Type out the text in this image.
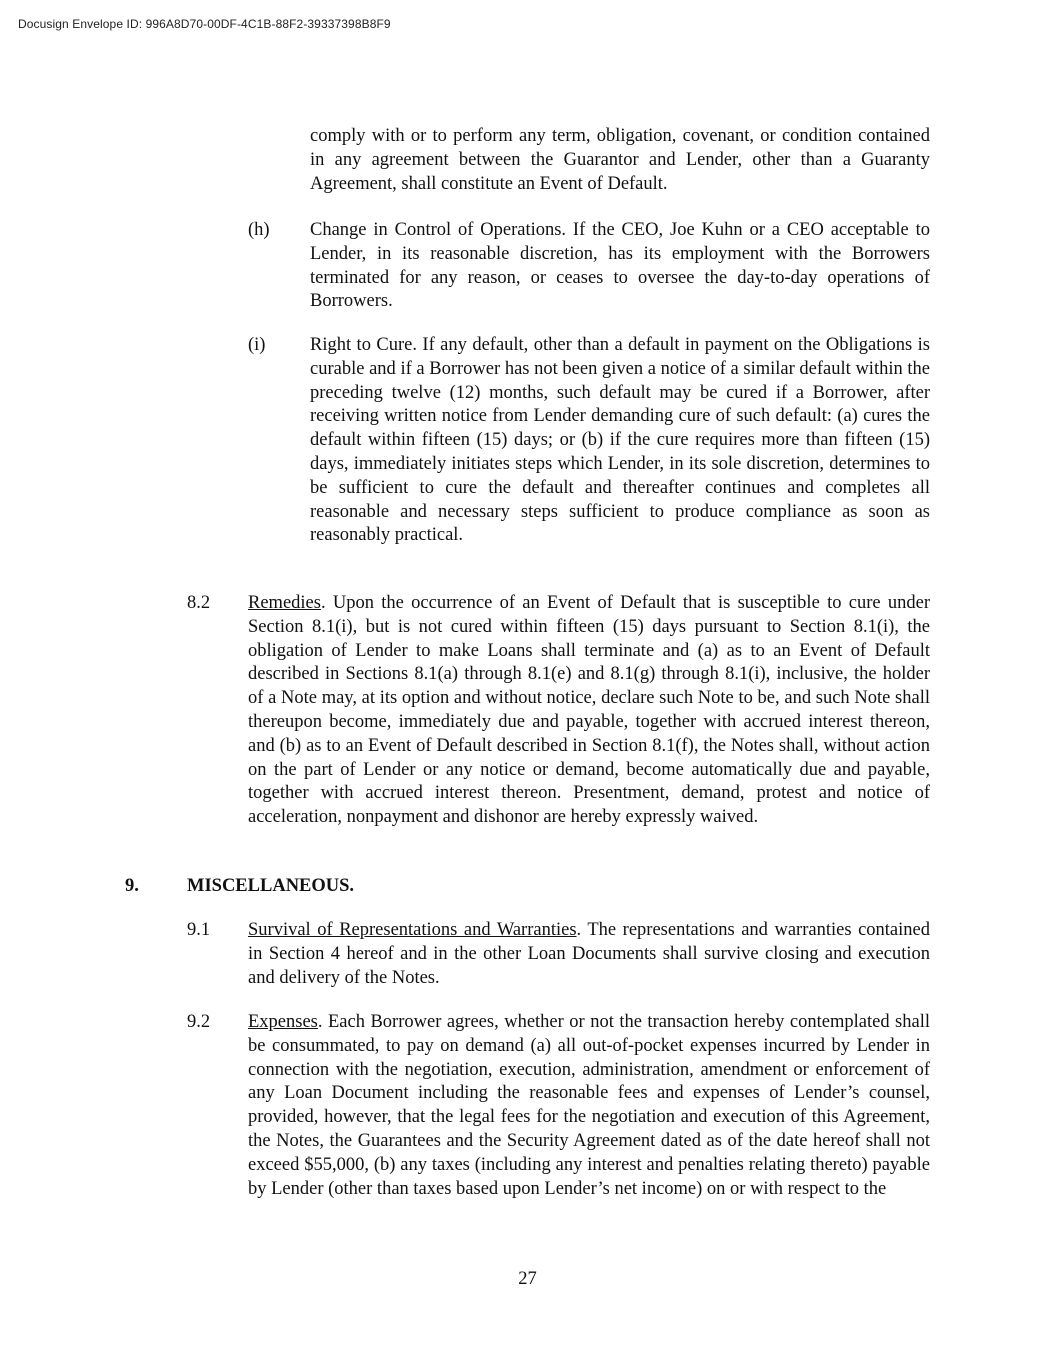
Docusign Envelope ID: 996A8D70-00DF-4C1B-88F2-39337398B8F9

comply with or to perform any term, obligation, covenant, or condition contained in any agreement between the Guarantor and Lender, other than a Guaranty Agreement, shall constitute an Event of Default.

(h) Change in Control of Operations. If the CEO, Joe Kuhn or a CEO acceptable to Lender, in its reasonable discretion, has its employment with the Borrowers terminated for any reason, or ceases to oversee the day-to-day operations of Borrowers.

(i) Right to Cure. If any default, other than a default in payment on the Obligations is curable and if a Borrower has not been given a notice of a similar default within the preceding twelve (12) months, such default may be cured if a Borrower, after receiving written notice from Lender demanding cure of such default: (a) cures the default within fifteen (15) days; or (b) if the cure requires more than fifteen (15) days, immediately initiates steps which Lender, in its sole discretion, determines to be sufficient to cure the default and thereafter continues and completes all reasonable and necessary steps sufficient to produce compliance as soon as reasonably practical.

8.2 Remedies. Upon the occurrence of an Event of Default that is susceptible to cure under Section 8.1(i), but is not cured within fifteen (15) days pursuant to Section 8.1(i), the obligation of Lender to make Loans shall terminate and (a) as to an Event of Default described in Sections 8.1(a) through 8.1(e) and 8.1(g) through 8.1(i), inclusive, the holder of a Note may, at its option and without notice, declare such Note to be, and such Note shall thereupon become, immediately due and payable, together with accrued interest thereon, and (b) as to an Event of Default described in Section 8.1(f), the Notes shall, without action on the part of Lender or any notice or demand, become automatically due and payable, together with accrued interest thereon. Presentment, demand, protest and notice of acceleration, nonpayment and dishonor are hereby expressly waived.

9.	MISCELLANEOUS.

9.1 Survival of Representations and Warranties. The representations and warranties contained in Section 4 hereof and in the other Loan Documents shall survive closing and execution and delivery of the Notes.

9.2 Expenses. Each Borrower agrees, whether or not the transaction hereby contemplated shall be consummated, to pay on demand (a) all out-of-pocket expenses incurred by Lender in connection with the negotiation, execution, administration, amendment or enforcement of any Loan Document including the reasonable fees and expenses of Lender’s counsel, provided, however, that the legal fees for the negotiation and execution of this Agreement, the Notes, the Guarantees and the Security Agreement dated as of the date hereof shall not exceed $55,000, (b) any taxes (including any interest and penalties relating thereto) payable by Lender (other than taxes based upon Lender’s net income) on or with respect to the

27
